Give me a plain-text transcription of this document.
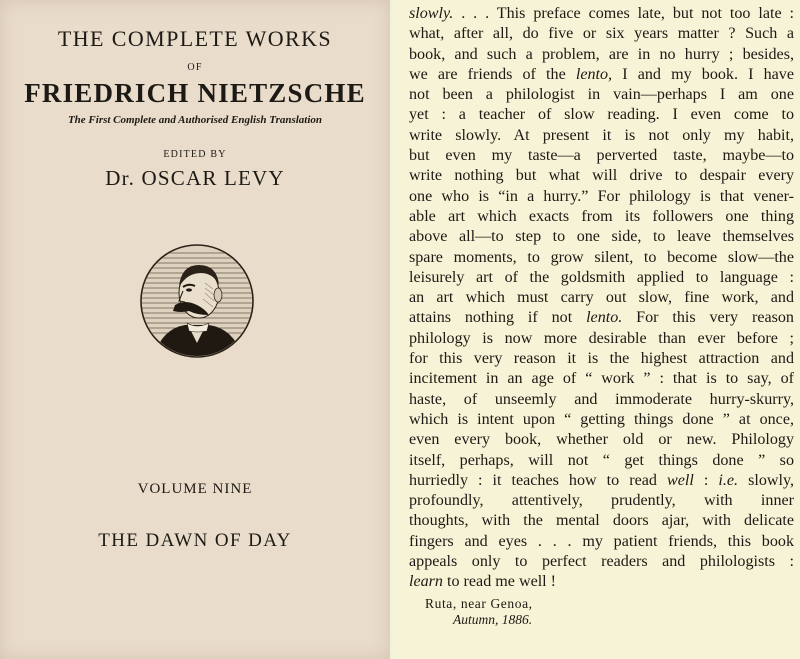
THE COMPLETE WORKS
OF
FRIEDRICH NIETZSCHE
The First Complete and Authorised English Translation
EDITED BY
Dr. OSCAR LEVY
VOLUME NINE
THE DAWN OF DAY
slowly. . . . This preface comes late, but not too late :
what, after all, do five or six years matter ? Such a
book, and such a problem, are in no hurry ; besides,
we are friends of the lento, I and my book. I have
not been a philologist in vain—perhaps I am one
yet : a teacher of slow reading. I even come to
write slowly. At present it is not only my habit,
but even my taste—a perverted taste, maybe—to
write nothing but what will drive to despair every
one who is “in a hurry.” For philology is that vener-
able art which exacts from its followers one thing
above all—to step to one side, to leave themselves
spare moments, to grow silent, to become slow—the
leisurely art of the goldsmith applied to language :
an art which must carry out slow, fine work, and
attains nothing if not lento. For this very reason
philology is now more desirable than ever before ;
for this very reason it is the highest attraction and
incitement in an age of “ work ” : that is to say, of
haste, of unseemly and immoderate hurry-skurry,
which is intent upon “ getting things done ” at once,
even every book, whether old or new. Philology
itself, perhaps, will not “ get things done ” so
hurriedly : it teaches how to read well : i.e. slowly,
profoundly, attentively, prudently, with inner
thoughts, with the mental doors ajar, with delicate
fingers and eyes . . . my patient friends, this book
appeals only to perfect readers and philologists :
learn to read me well !
Ruta, near Genoa,
Autumn, 1886.
